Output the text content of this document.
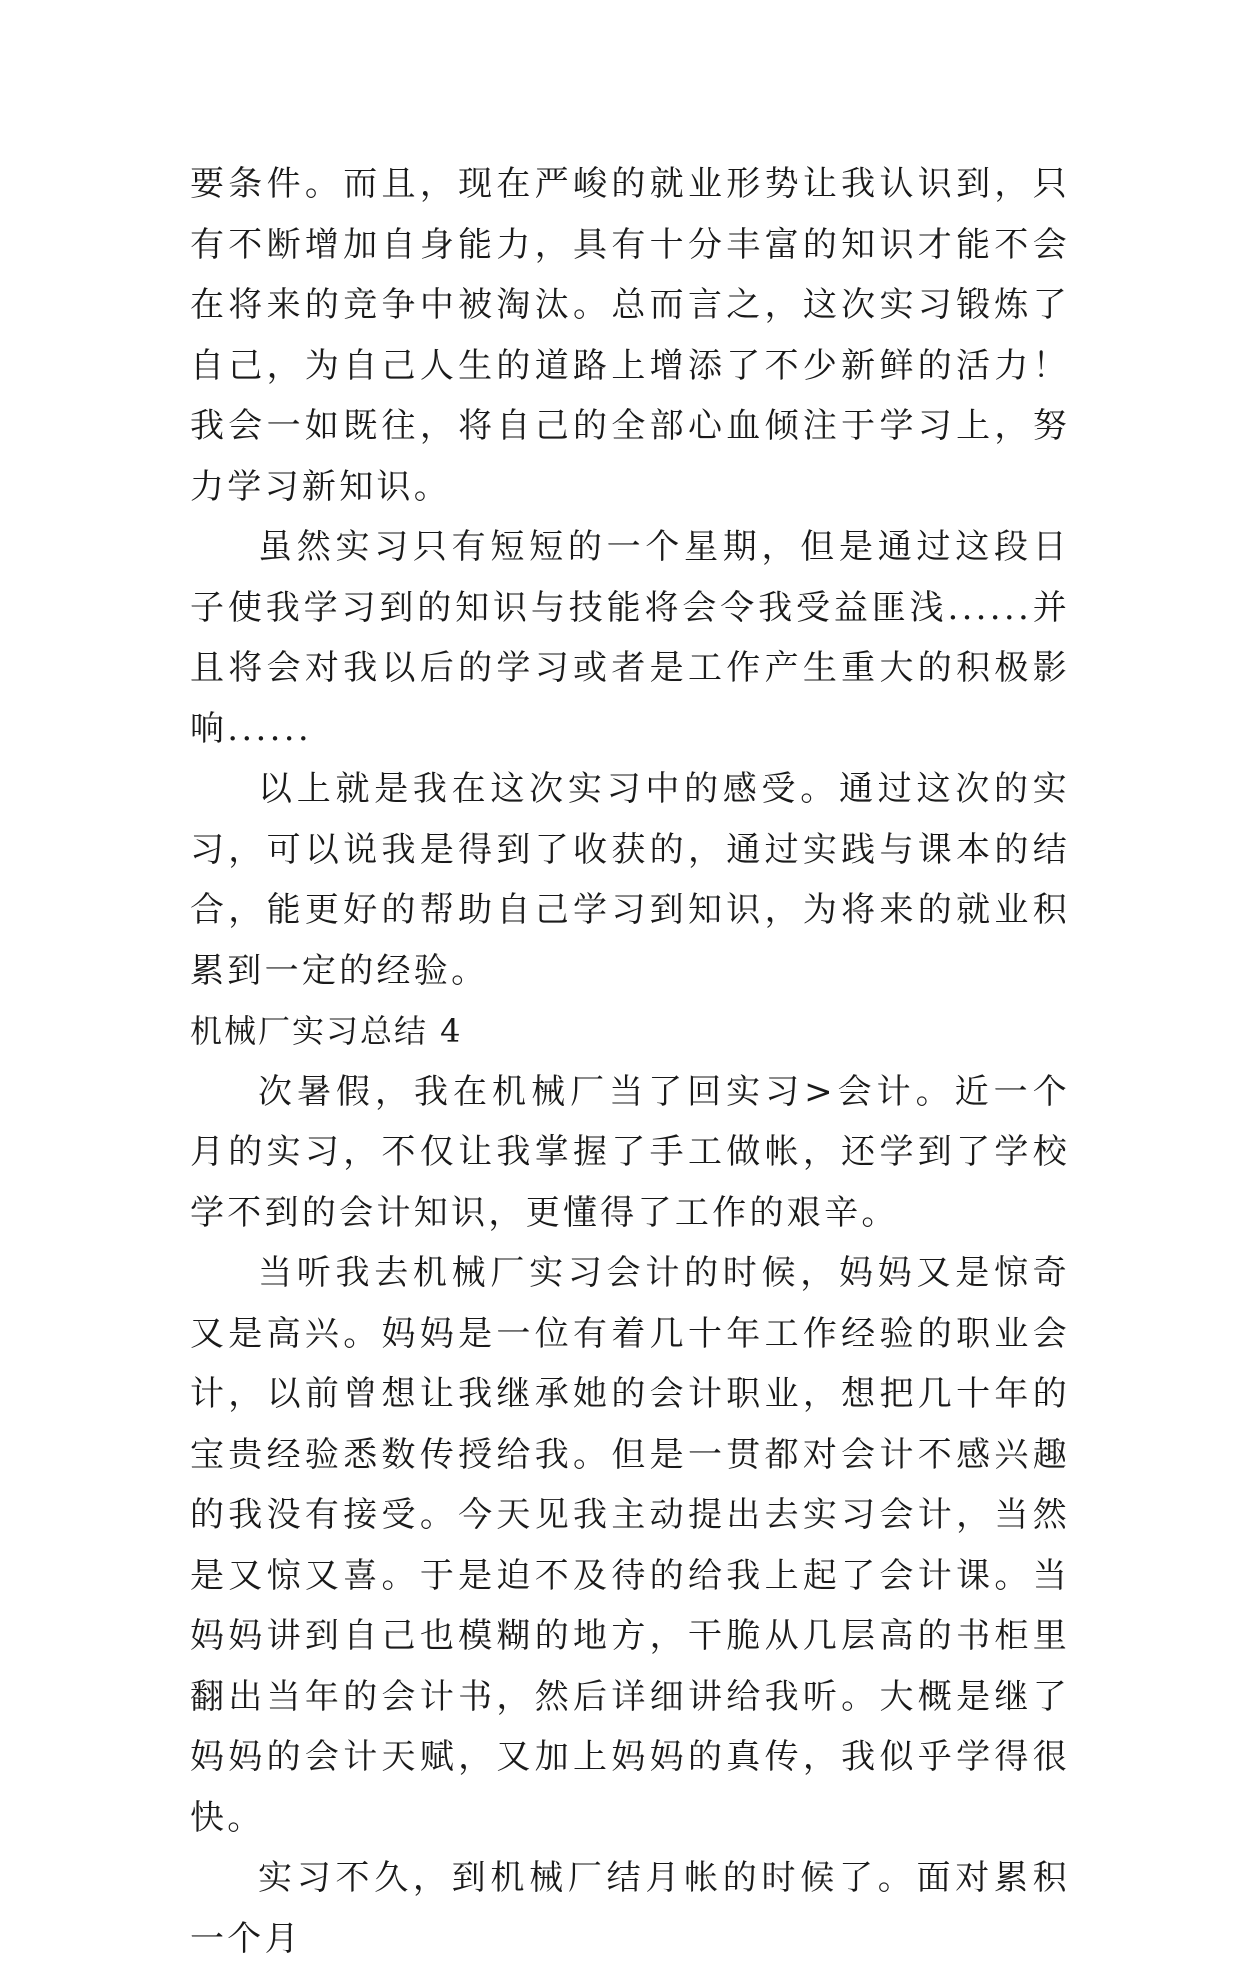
要条件。而且，现在严峻的就业形势让我认识到，只有不断增加自身能力，具有十分丰富的知识才能不会在将来的竞争中被淘汰。总而言之，这次实习锻炼了自己，为自己人生的道路上增添了不少新鲜的活力！我会一如既往，将自己的全部心血倾注于学习上，努力学习新知识。

虽然实习只有短短的一个星期，但是通过这段日子使我学习到的知识与技能将会令我受益匪浅......并且将会对我以后的学习或者是工作产生重大的积极影响......

以上就是我在这次实习中的感受。通过这次的实习，可以说我是得到了收获的，通过实践与课本的结合，能更好的帮助自己学习到知识，为将来的就业积累到一定的经验。

机械厂实习总结 4

次暑假，我在机械厂当了回实习>会计。近一个月的实习，不仅让我掌握了手工做帐，还学到了学校学不到的会计知识，更懂得了工作的艰辛。

当听我去机械厂实习会计的时候，妈妈又是惊奇又是高兴。妈妈是一位有着几十年工作经验的职业会计，以前曾想让我继承她的会计职业，想把几十年的宝贵经验悉数传授给我。但是一贯都对会计不感兴趣的我没有接受。今天见我主动提出去实习会计，当然是又惊又喜。于是迫不及待的给我上起了会计课。当妈妈讲到自己也模糊的地方，干脆从几层高的书柜里翻出当年的会计书，然后详细讲给我听。大概是继了妈妈的会计天赋，又加上妈妈的真传，我似乎学得很快。

实习不久，到机械厂结月帐的时候了。面对累积一个月
